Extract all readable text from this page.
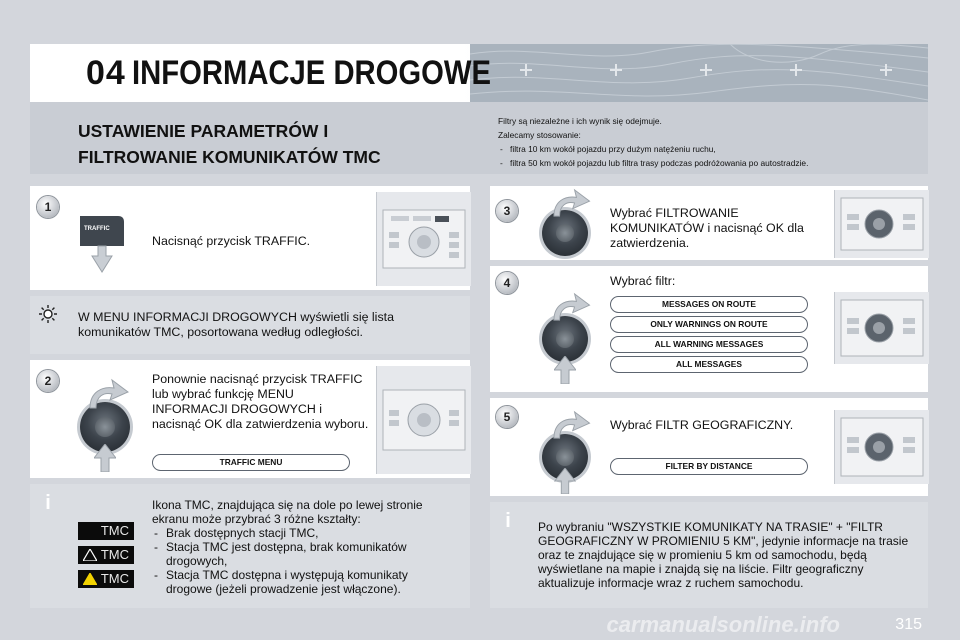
04 INFORMACJE DROGOWE
USTAWIENIE PARAMETRÓW I
FILTROWANIE KOMUNIKATÓW TMC
Filtry są niezależne i ich wynik się odejmuje.
Zalecamy stosowanie:
- filtra 10 km wokół pojazdu przy dużym natężeniu ruchu,
- filtra 50 km wokół pojazdu lub filtra trasy podczas podróżowania po autostradzie.
1
TRAFFIC
Nacisnąć przycisk TRAFFIC.
W MENU INFORMACJI DROGOWYCH wyświetli się lista komunikatów TMC, posortowana według odległości.
2	Ponownie nacisnąć przycisk TRAFFIC lub wybrać funkcję MENU INFORMACJI DROGOWYCH i nacisnąć OK dla zatwierdzenia wyboru.
TRAFFIC MENU
i
TMC
TMC
TMC
Ikona TMC, znajdująca się na dole po lewej stronie ekranu może przybrać 3 różne kształty:
- Brak dostępnych stacji TMC,
- Stacja TMC jest dostępna, brak komunikatów drogowych,
- Stacja TMC dostępna i występują komunikaty drogowe (jeżeli prowadzenie jest włączone).
3	Wybrać FILTROWANIE KOMUNIKATÓW i nacisnąć OK dla zatwierdzenia.
4	Wybrać filtr:
MESSAGES ON ROUTE
ONLY WARNINGS ON ROUTE
ALL WARNING MESSAGES
ALL MESSAGES
5
Wybrać FILTR GEOGRAFICZNY.
FILTER BY DISTANCE
i	Po wybraniu "WSZYSTKIE KOMUNIKATY NA TRASIE" + "FILTR GEOGRAFICZNY W PROMIENIU 5 KM", jedynie informacje na trasie oraz te znajdujące się w promieniu 5 km od samochodu, będą wyświetlane na mapie i znajdą się na liście. Filtr geograficzny aktualizuje informacje wraz z ruchem samochodu.
carmanualsonline.info	315
